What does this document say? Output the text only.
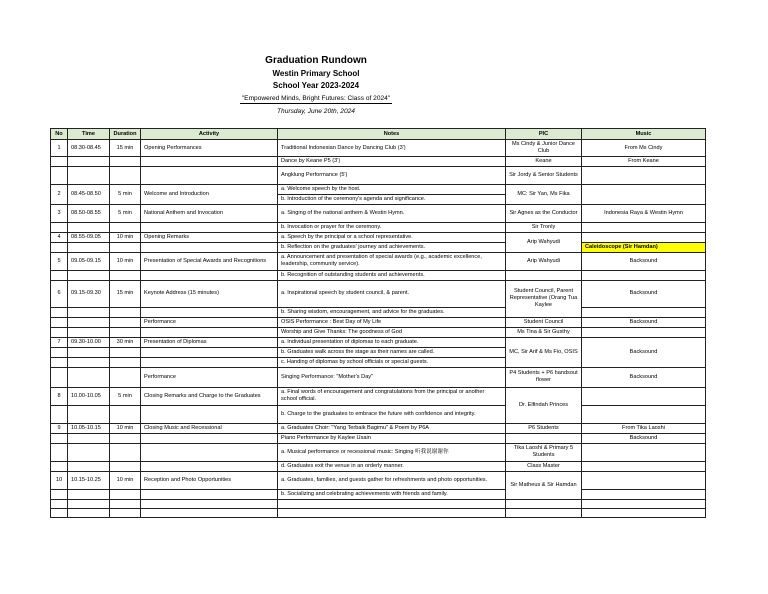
Graduation Rundown
Westin Primary School
School Year 2023-2024
"Empowered Minds, Bright Futures: Class of 2024"
Thursday, June 20th, 2024
No	Time	Duration	Activity	Notes	PIC	Music
1	08.30-08.45	15 min	Opening Performances	Traditional Indonesian Dance by Dancing Club (3')	Ms Cindy & Junior Dance Club	From Ms Cindy
				Dance by Keane P5 (3')	Keane	From Keane
				Angklung Performance (5')	Sir Jordy & Senior Students	
2	08.45-08.50	5 min	Welcome and Introduction	a. Welcome speech by the host.	MC: Sir Yan, Ms Fika	
				b. Introduction of the ceremony's agenda and significance.		
3	08.50-08.55	5 min	National Anthem and Invocation	a. Singing of the national anthem & Westin Hymn.	Sir Agnes as the Conductor	Indonesia Raya & Westin Hymn
				b. Invocation or prayer for the ceremony.	Sir Tronly	
4	08.55-09.05	10 min	Opening Remarks	a. Speech by the principal or a school representative.	Arip Wahyudi	
				b. Reflection on the graduates' journey and achievements.		Caleidoscope (Sir Hamdan)
5	09.05-09.15	10 min	Presentation of Special Awards and Recognitions	a. Announcement and presentation of special awards (e.g., academic excellence, leadership, community service).	Arip Wahyudi	Backsound
				b. Recognition of outstanding students and achievements.		
6	09.15-09.30	15 min	Keynote Address (15 minutes)	a. Inspirational speech by student council, & parent.	Student Council, Parent Representative (Orang Tua Kaylee	Backsound
				b. Sharing wisdom, encouragement, and advice for the graduates.		
			Performance	OSIS Performance : Best Day of My Life	Student Council	Backsound
				Worship and Give Thanks: The goodness of God	Ms Tina & Sir Gusthy	
7	09.30-10.00	30 min	Presentation of Diplomas	a. Individual presentation of diplomas to each graduate.	MC, Sir Arif & Ms Fio, OSIS	Backsound
				b. Graduates walk across the stage as their names are called.		
				c. Handing of diplomas by school officials or special guests.		
			Performance	Singing Performance: "Mother's Day"	P4 Students + P6 handsout flower	Backsound
8	10.00-10.05	5 min	Closing Remarks and Charge to the Graduates	a. Final words of encouragement and congratulations from the principal or another school official.	Dr. Elfindah Princes	
				b. Charge to the graduates to embrace the future with confidence and integrity.		
9	10.05-10.15	10 min	Closing Music and Recessional	a. Graduates Choir: "Yang Terbaik Bagimu" & Poem by P6A	P6 Students	From Tika Laoshi
				Piano Performance by Kaylee Usain		Backsound
				a. Musical performance or recessional music: Singing 听我说谢谢你	Tika Laoshi & Primary 5 Students	
				d. Graduates exit the venue in an orderly manner.	Class Master	
10	10.15-10.25	10 min	Reception and Photo Opportunities	a. Graduates, families, and guests gather for refreshments and photo opportunities.	Sir Matheus & Sir Hamdan	
				b. Socializing and celebrating achievements with friends and family.		
